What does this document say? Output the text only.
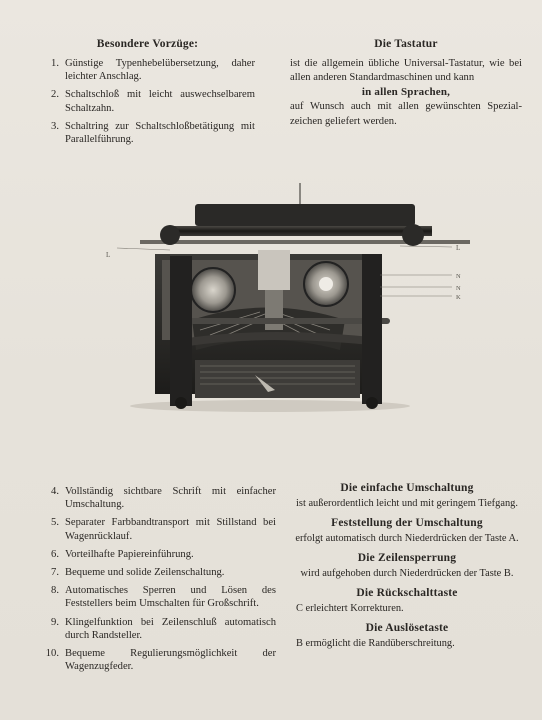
Besondere Vorzüge:
1. Günstige Typenhebelübersetzung, daher leichter Anschlag.
2. Schaltschloß mit leicht auswechselbarem Schaltzahn.
3. Schaltring zur Schaltschloßbetätigung mit Parallelführung.
Die Tastatur
ist die allgemein übliche Universal-Tastatur, wie bei allen anderen Standardmaschinen und kann
in allen Sprachen,
auf Wunsch auch mit allen gewünschten Spezial-zeichen geliefert werden.
L
L
N
N
K
4. Vollständig sichtbare Schrift mit einfacher Umschaltung.
5. Separater Farbbandtransport mit Stillstand bei Wagenrücklauf.
6. Vorteilhafte Papiereinführung.
7. Bequeme und solide Zeilenschaltung.
8. Automatisches Sperren und Lösen des Feststellers beim Umschalten für Großschrift.
9. Klingelfunktion bei Zeilenschluß automatisch durch Randsteller.
10. Bequeme Regulierungsmöglichkeit der Wagenzugfeder.
Die einfache Umschaltung
ist außerordentlich leicht und mit geringem Tiefgang.
Feststellung der Umschaltung
erfolgt automatisch durch Niederdrücken der Taste A.
Die Zeilensperrung
wird aufgehoben durch Niederdrücken der Taste B.
Die Rückschalttaste
C erleichtert Korrekturen.
Die Auslösetaste
B ermöglicht die Randüberschreitung.
